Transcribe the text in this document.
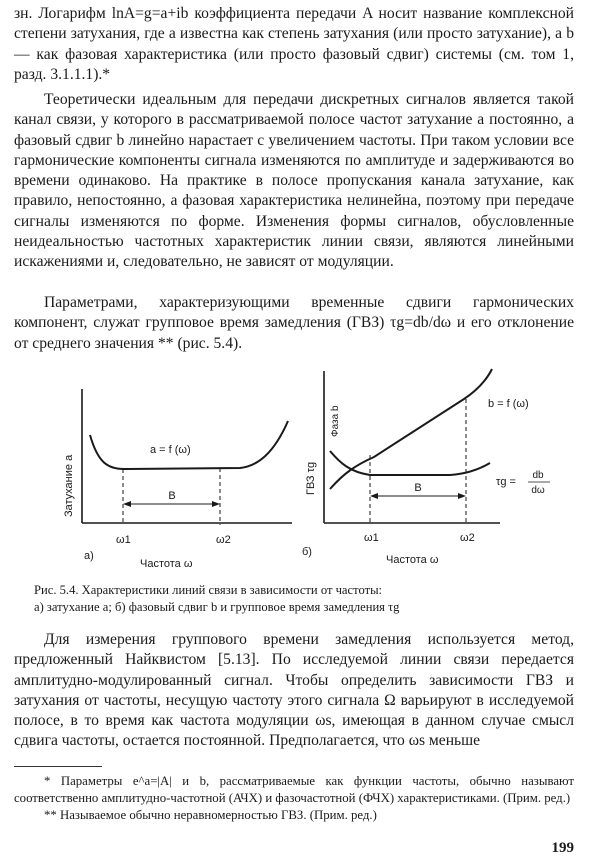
зн. Логарифм lnA=g=a+ib коэффициента передачи A носит название комплексной степени затухания, где a известна как степень затухания (или просто затухание), а b — как фазовая характеристика (или просто фазовый сдвиг) системы (см. том 1, разд. 3.1.1.1).*

Теоретически идеальным для передачи дискретных сигналов является такой канал связи, у которого в рассматриваемой полосе частот затухание a постоянно, а фазовый сдвиг b линейно нарастает с увеличением частоты. При таком условии все гармонические компоненты сигнала изменяются по амплитуде и задерживаются во времени одинаково. На практике в полосе пропускания канала затухание, как правило, непостоянно, а фазовая характеристика нелинейна, поэтому при передаче сигналы изменяются по форме. Изменения формы сигналов, обусловленные неидеальностью частотных характеристик линии связи, являются линейными искажениями и, следовательно, не зависят от модуляции.

Параметрами, характеризующими временные сдвиги гармонических компонент, служат групповое время замедления (ГВЗ) τg=db/dω и его отклонение от среднего значения ** (рис. 5.4).

B
a = f (ω)
Затухание a
ω1	ω2
Частота ω
а)
B
ГВЗ τg
Фаза b
b = f (ω)
τg =
db
dω
ω1	ω2
Частота ω
б)
Рис. 5.4. Характеристики линий связи в зависимости от частоты:
а) затухание a; б) фазовый сдвиг b и групповое время замедления τg

Для измерения группового времени замедления используется метод, предложенный Найквистом [5.13]. По исследуемой линии связи передается амплитудно-модулированный сигнал. Чтобы определить зависимости ГВЗ и затухания от частоты, несущую частоту этого сигнала Ω варьируют в исследуемой полосе, в то время как частота модуляции ωs, имеющая в данном случае смысл сдвига частоты, остается постоянной. Предполагается, что ωs меньше

* Параметры e^a=|A| и b, рассматриваемые как функции частоты, обычно называют соответственно амплитудно-частотной (АЧХ) и фазочастотной (ФЧХ) характеристиками. (Прим. ред.)

** Называемое обычно неравномерностью ГВЗ. (Прим. ред.)

199
